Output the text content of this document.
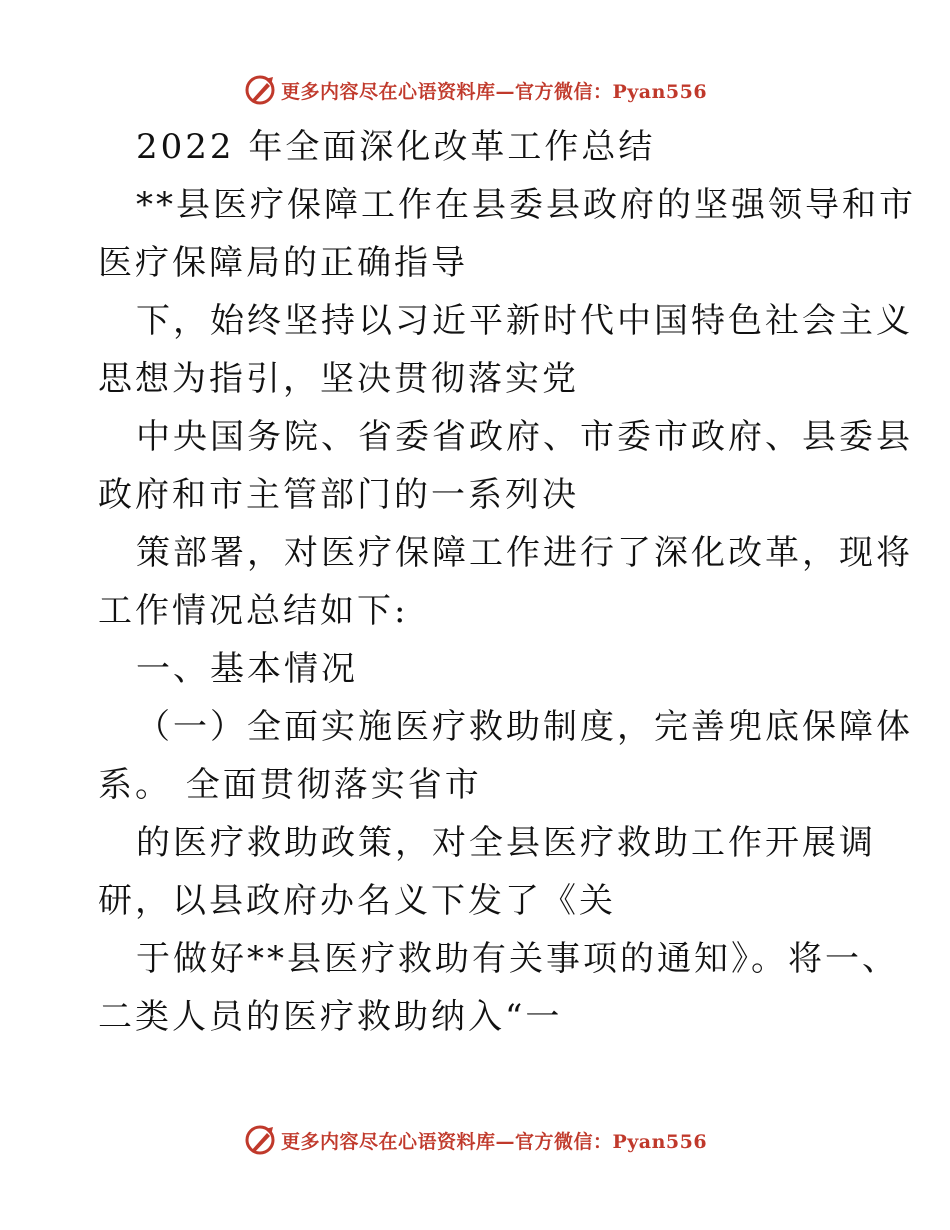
更多内容尽在心语资料库—官方微信：Pyan556
2022 年全面深化改革工作总结
**县医疗保障工作在县委县政府的坚强领导和市
医疗保障局的正确指导
下，始终坚持以习近平新时代中国特色社会主义
思想为指引，坚决贯彻落实党
中央国务院、省委省政府、市委市政府、县委县
政府和市主管部门的一系列决
策部署，对医疗保障工作进行了深化改革，现将
工作情况总结如下:
一、基本情况
（一）全面实施医疗救助制度，完善兜底保障体
系。 全面贯彻落实省市
的医疗救助政策，对全县医疗救助工作开展调
研，以县政府办名义下发了《关
于做好**县医疗救助有关事项的通知》。将一、
二类人员的医疗救助纳入“一
更多内容尽在心语资料库—官方微信：Pyan556
